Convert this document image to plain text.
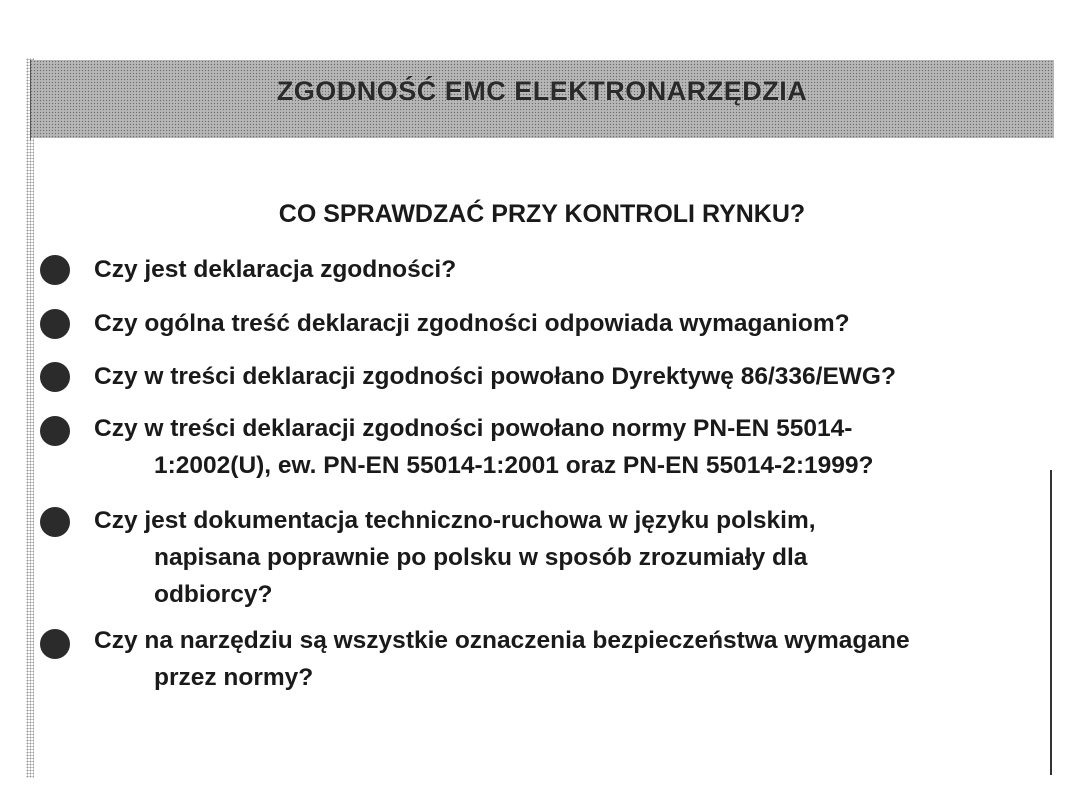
ZGODNOŚĆ EMC ELEKTRONARZĘDZIA
CO SPRAWDZAĆ PRZY KONTROLI RYNKU?
Czy jest deklaracja zgodności?
Czy ogólna treść deklaracji zgodności odpowiada wymaganiom?
Czy w treści deklaracji zgodności powołano Dyrektywę 86/336/EWG?
Czy w treści deklaracji zgodności powołano normy PN-EN 55014-
1:2002(U), ew. PN-EN 55014-1:2001 oraz PN-EN 55014-2:1999?
Czy jest dokumentacja techniczno-ruchowa w języku polskim,
napisana poprawnie po polsku w sposób zrozumiały dla
odbiorcy?
Czy na narzędziu są wszystkie oznaczenia bezpieczeństwa wymagane
przez normy?
